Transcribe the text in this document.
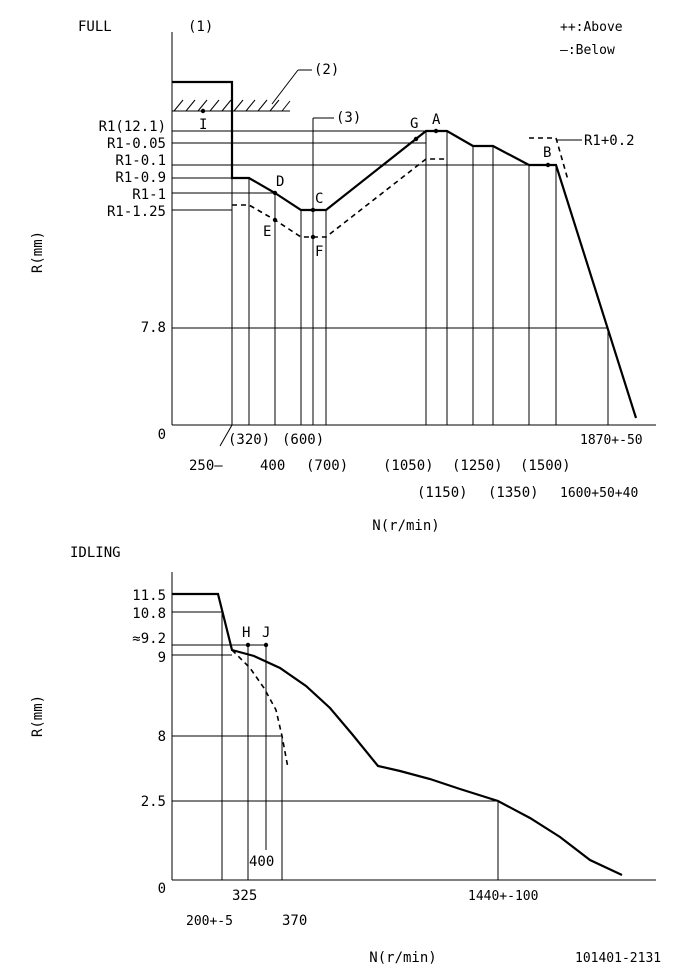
FULL	(1)	++:Above
—:Below
(2)
(3)
R1+0.2
I
D
C
E
F
G A
B
R1(12.1)
R1-0.05
R1-0.1
R1-0.9
R1-1
R1-1.25
7.8
0
R(mm)
250—
(320)
400
(600)
(700) (1050)
(1150)
(1250)
(1350)
(1500)
1600+50+40
1870+-50
N(r/min)
IDLING
H J
11.5
10.8
≈9.2
9
8
2.5
0
R(mm)
200+-5
325
400
370
1440+-100
N(r/min)	101401-2131
